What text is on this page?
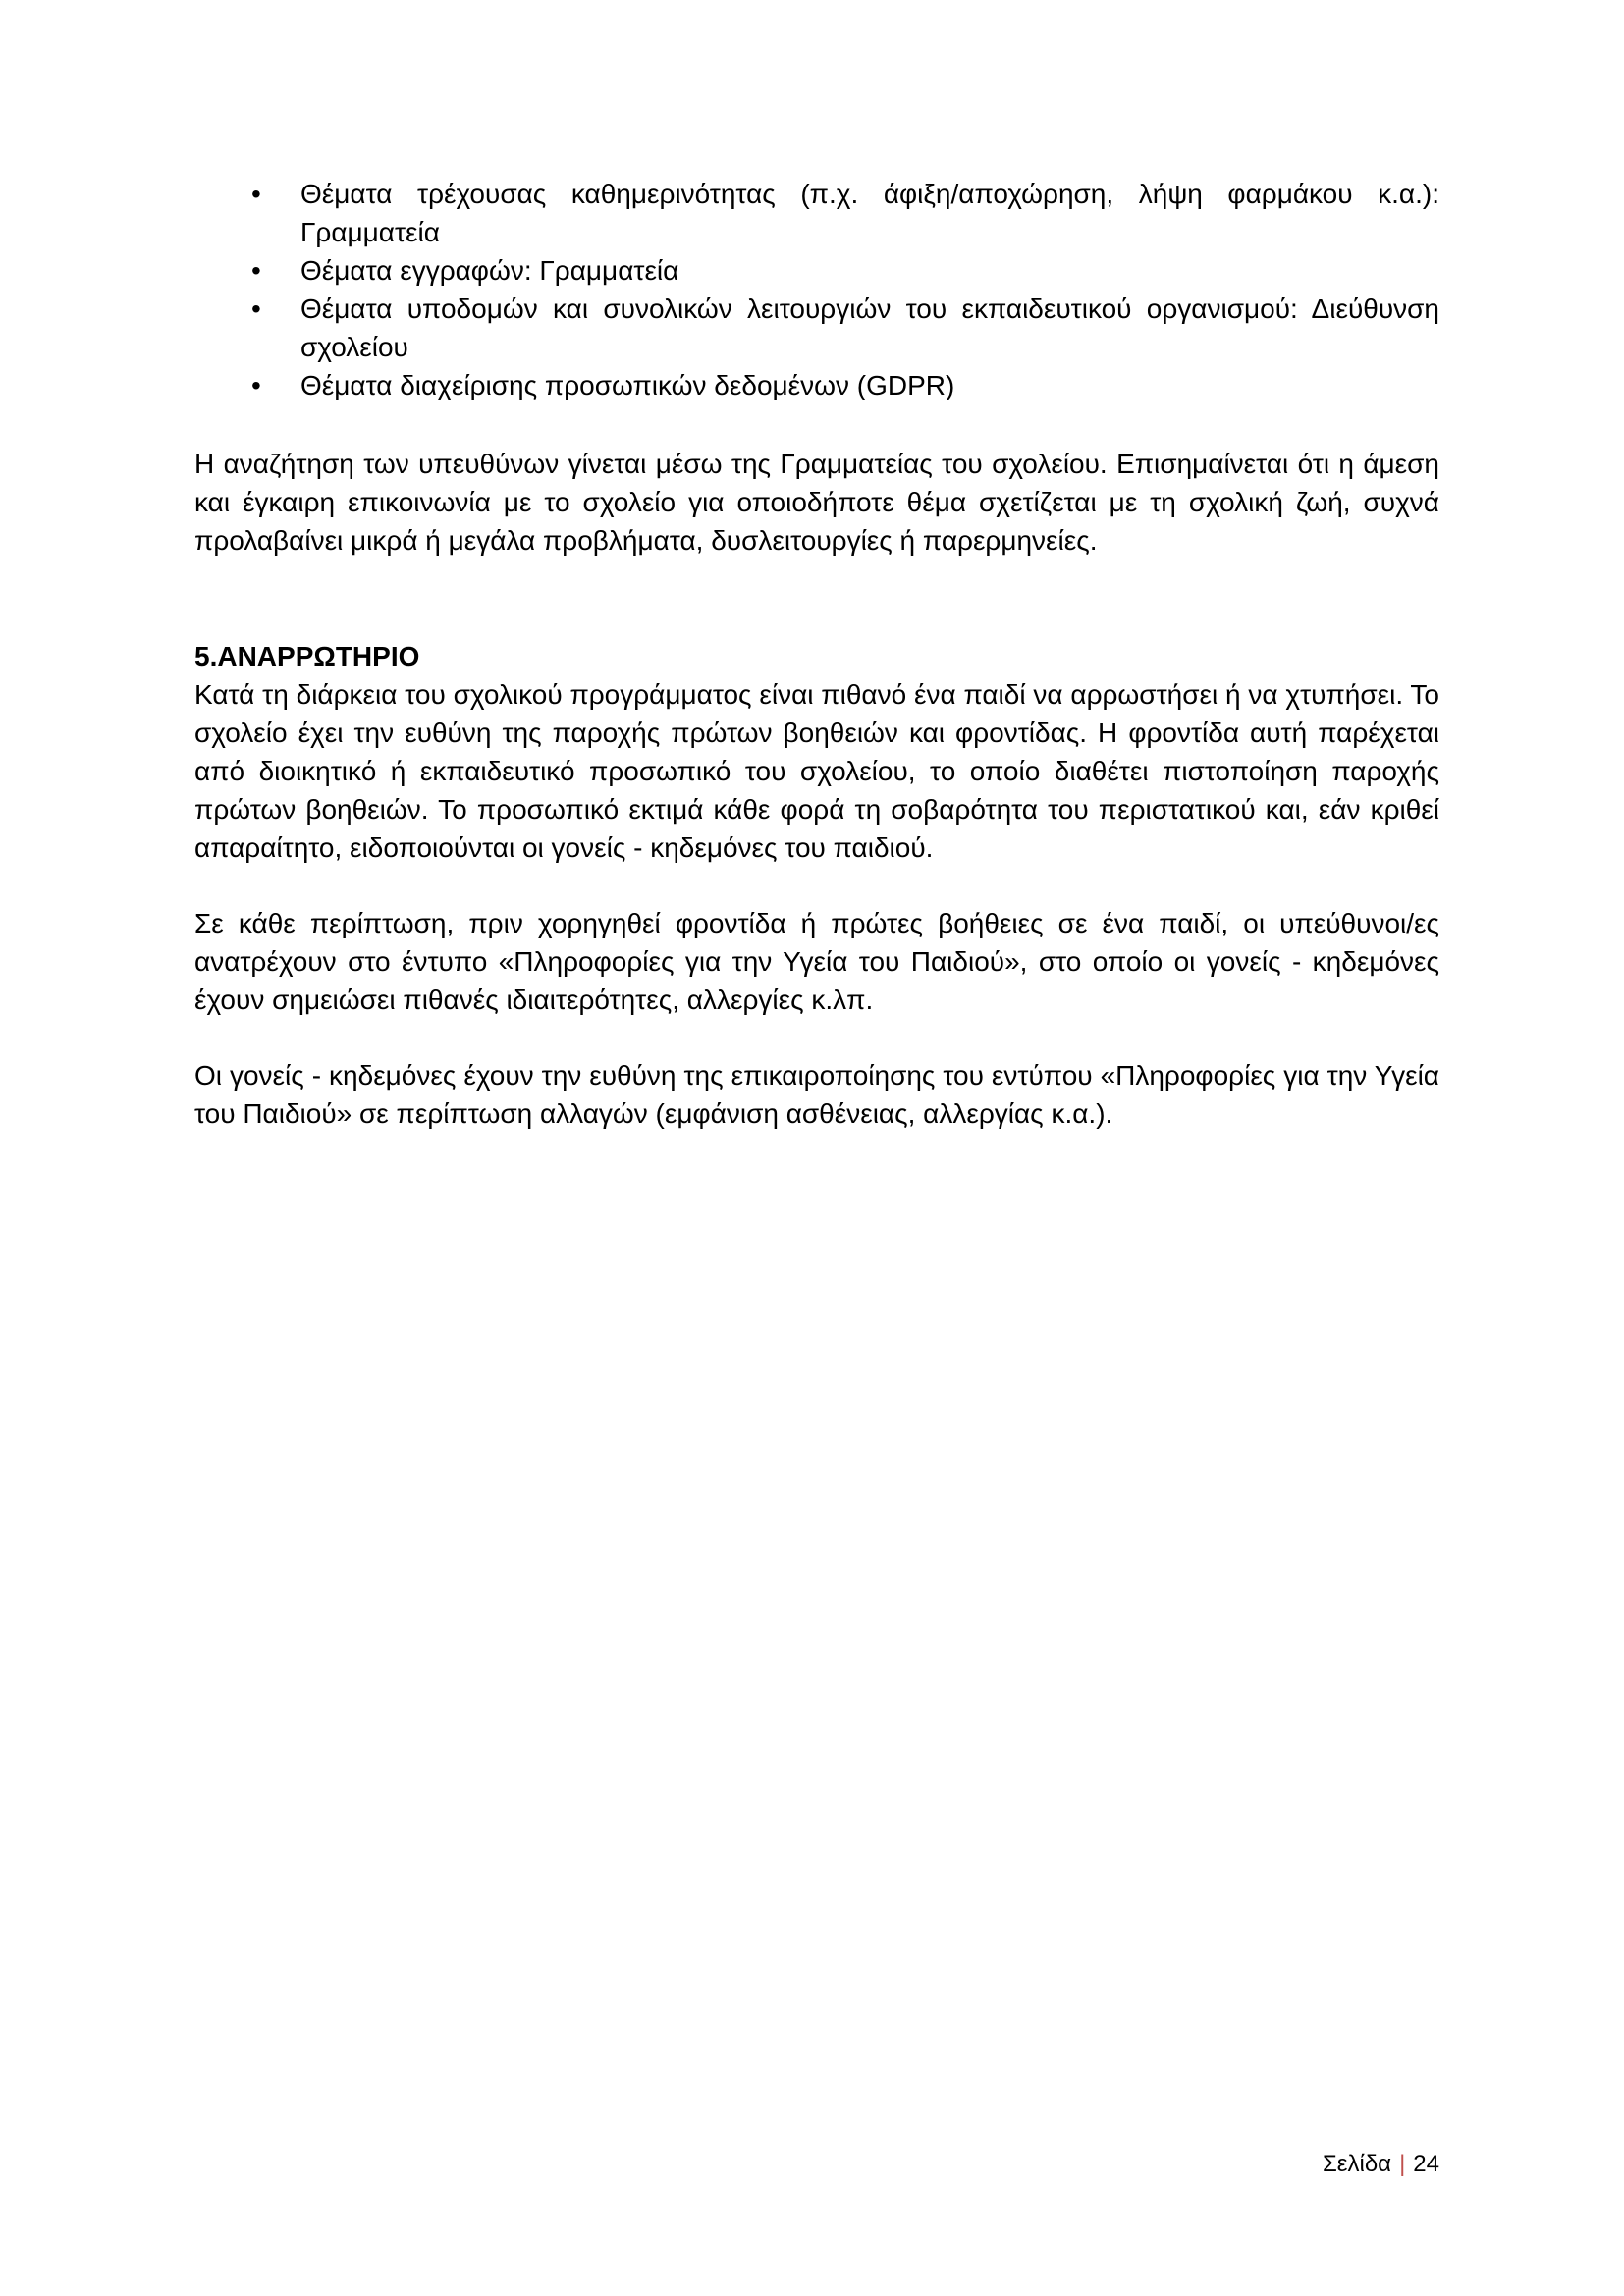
• Θέματα τρέχουσας καθημερινότητας (π.χ. άφιξη/αποχώρηση, λήψη φαρμάκου κ.α.): Γραμματεία
• Θέματα εγγραφών: Γραμματεία
• Θέματα υποδομών και συνολικών λειτουργιών του εκπαιδευτικού οργανισμού: Διεύθυνση σχολείου
• Θέματα διαχείρισης προσωπικών δεδομένων (GDPR)

Η αναζήτηση των υπευθύνων γίνεται μέσω της Γραμματείας του σχολείου. Επισημαίνεται ότι η άμεση και έγκαιρη επικοινωνία με το σχολείο για οποιοδήποτε θέμα σχετίζεται με τη σχολική ζωή, συχνά προλαβαίνει μικρά ή μεγάλα προβλήματα, δυσλειτουργίες ή παρερμηνείες.

5.ΑΝΑΡΡΩΤΗΡΙΟ

Κατά τη διάρκεια του σχολικού προγράμματος είναι πιθανό ένα παιδί να αρρωστήσει ή να χτυπήσει. Το σχολείο έχει την ευθύνη της παροχής πρώτων βοηθειών και φροντίδας. Η φροντίδα αυτή παρέχεται από διοικητικό ή εκπαιδευτικό προσωπικό του σχολείου, το οποίο διαθέτει πιστοποίηση παροχής πρώτων βοηθειών. Το προσωπικό εκτιμά κάθε φορά τη σοβαρότητα του περιστατικού και, εάν κριθεί απαραίτητο, ειδοποιούνται οι γονείς - κηδεμόνες του παιδιού.

Σε κάθε περίπτωση, πριν χορηγηθεί φροντίδα ή πρώτες βοήθειες σε ένα παιδί, οι υπεύθυνοι/ες ανατρέχουν στο έντυπο «Πληροφορίες για την Υγεία του Παιδιού», στο οποίο οι γονείς - κηδεμόνες έχουν σημειώσει πιθανές ιδιαιτερότητες, αλλεργίες κ.λπ.

Οι γονείς - κηδεμόνες έχουν την ευθύνη της επικαιροποίησης του εντύπου «Πληροφορίες για την Υγεία του Παιδιού» σε περίπτωση αλλαγών (εμφάνιση ασθένειας, αλλεργίας κ.α.).

Σελίδα | 24
